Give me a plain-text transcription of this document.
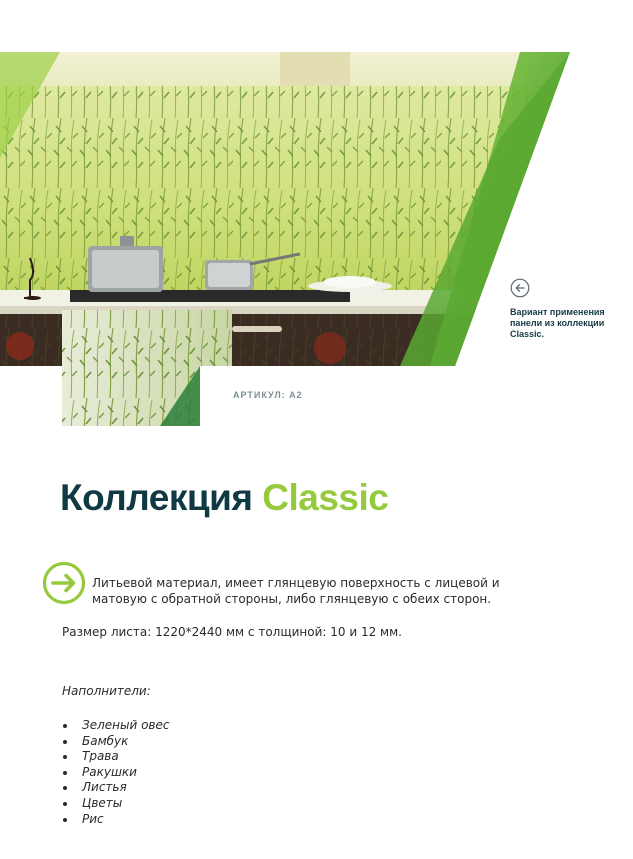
Вариант применения панели из коллекции Classic.
АРТИКУЛ: А2
Коллекция Classic
Литьевой материал, имеет глянцевую поверхность с лицевой и матовую с обратной стороны, либо глянцевую с обеих сторон.
Размер листа: 1220*2440 мм с толщиной: 10 и 12 мм.
Наполнители:
Зеленый овес
Бамбук
Трава
Ракушки
Листья
Цветы
Рис
